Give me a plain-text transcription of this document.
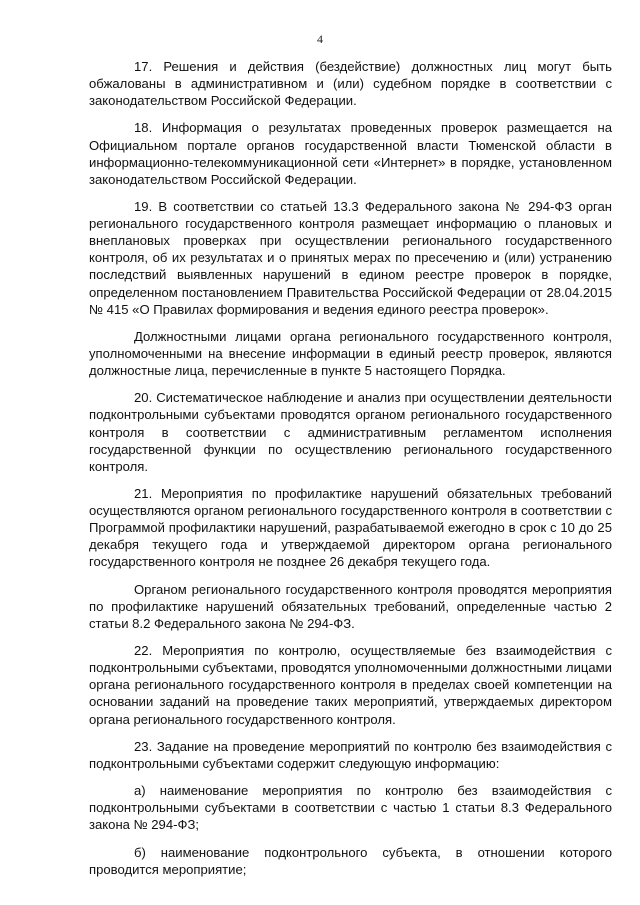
4

17. Решения и действия (бездействие) должностных лиц могут быть обжалованы в административном и (или) судебном порядке в соответствии с законодательством Российской Федерации.

18. Информация о результатах проведенных проверок размещается на Официальном портале органов государственной власти Тюменской области в информационно-телекоммуникационной сети «Интернет» в порядке, установленном законодательством Российской Федерации.

19. В соответствии со статьей 13.3 Федерального закона № 294-ФЗ орган регионального государственного контроля размещает информацию о плановых и внеплановых проверках при осуществлении регионального государственного контроля, об их результатах и о принятых мерах по пресечению и (или) устранению последствий выявленных нарушений в едином реестре проверок в порядке, определенном постановлением Правительства Российской Федерации от 28.04.2015 № 415 «О Правилах формирования и ведения единого реестра проверок».

Должностными лицами органа регионального государственного контроля, уполномоченными на внесение информации в единый реестр проверок, являются должностные лица, перечисленные в пункте 5 настоящего Порядка.

20. Систематическое наблюдение и анализ при осуществлении деятельности подконтрольными субъектами проводятся органом регионального государственного контроля в соответствии с административным регламентом исполнения государственной функции по осуществлению регионального государственного контроля.

21. Мероприятия по профилактике нарушений обязательных требований осуществляются органом регионального государственного контроля в соответствии с Программой профилактики нарушений, разрабатываемой ежегодно в срок с 10 до 25 декабря текущего года и утверждаемой директором органа регионального государственного контроля не позднее 26 декабря текущего года.

Органом регионального государственного контроля проводятся мероприятия по профилактике нарушений обязательных требований, определенные частью 2 статьи 8.2 Федерального закона № 294-ФЗ.

22. Мероприятия по контролю, осуществляемые без взаимодействия с подконтрольными субъектами, проводятся уполномоченными должностными лицами органа регионального государственного контроля в пределах своей компетенции на основании заданий на проведение таких мероприятий, утверждаемых директором органа регионального государственного контроля.

23. Задание на проведение мероприятий по контролю без взаимодействия с подконтрольными субъектами содержит следующую информацию:

а) наименование мероприятия по контролю без взаимодействия с подконтрольными субъектами в соответствии с частью 1 статьи 8.3 Федерального закона № 294-ФЗ;

б) наименование подконтрольного субъекта, в отношении которого проводится мероприятие;
